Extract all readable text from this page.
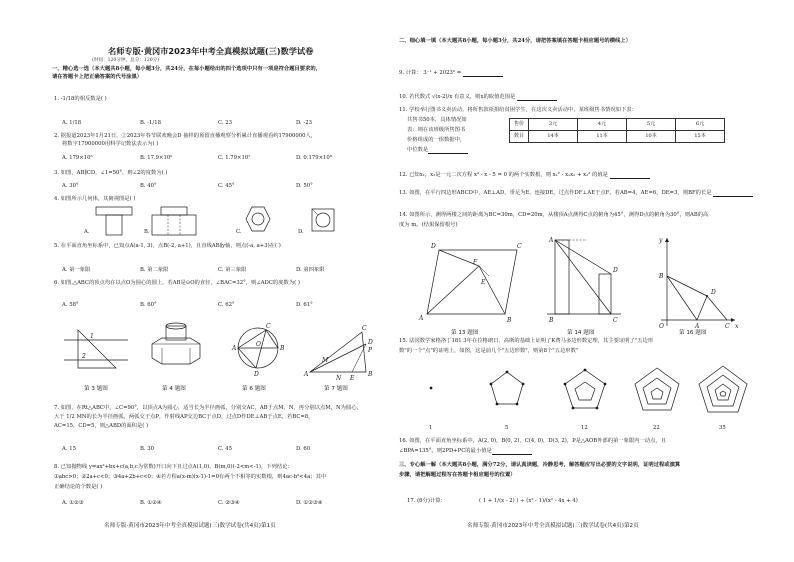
名师专版·黄冈市2023年中考全真模拟试题(三)数学试卷
(时间：120分钟，总分：120分)
一、精心选一选（本大题共8小题，每小题3分，共24分，在每小题给出的四个选项中只有一项是符合题目要求的，
请在答题卡上把正确答案的代号涂黑）
1. -1/18的相反数是( )
A. 1/18	B. -1/18	C. 23	D. -23
2. 据报道2023年1月21日，②2023年春节联欢晚会D 抽样的预留直播观察分析累计直播观看约17900000人,
将数字17900000用科学记数法表示为( )
A. 179×10⁵	B. 17.9×10⁶	C. 1.79×10⁷	D. 0.179×10⁸
3. 如图，AB∥CD，∠1=50°，则∠2的度数为( )
A. 30°	B. 40°	C. 45°	D. 50°
4. 如图所示几何体，其俯视图是( )
A.	B.	C.	D.
5. 在平面直角坐标系中，已知点A(a-1, 3)，点B(-2, a+1)，且直线AB∥y轴，则点(-a, a+3)在( )
A. 第一象限	B. 第二象限	C. 第三象限	D. 第四象限
6. 如图,△ABC的顶点均在以点O为圆心的圆上，若AB是⊙O的直径，∠BAC=32°，则∠ADC的度数为( )
A. 58°	B. 60°	C. 62°	D. 61°
1
2
A	B
C
D
O
A	B
C
D
N E
M
P
第 3 题图	第 4 题图	第 6 题图	第 7 题图
7. 如图，在Rt△ABC中，∠C=90°，以顶点A为圆心，适当长为半径画弧，分别交AC，AB于点M，N，再分别以点M，N为圆心，
大于 1/2 MN的长为半径画弧，两弧交于点P，作射线AP交边BC于点D，过点D作DE⊥AB于点E，若BC=8，
AC=15，CD=5，则△ABD的面积是( )
A. 15	B. 30	C. 45	D. 60
8. 已知抛物线 y=ax²+bx+c(a,b,c为常数)开口向下且过点A(1,0)，B(m,0)(-2<m<-1)，下列结论：
①abc>0；②2a+c<0；③4a+2b+c<0；④若方程a(x-m)(x-1)-1=0有两个不相等的实数根，则4ac-b²<4a；其中
正确结论的个数是( )
A. ①②③	B. ①②④	C. ②③④	D. ①②③④
名师专版·黄冈市2023年中考全真模拟试题(三)数学试卷(共4页)第1页
二、细心填一填（本大题共8小题，每小题3分，共24分，请把答案填在答题卡相应题号的横线上）
9. 计算： 3⁻¹ + 2023⁰ =
10. 若代数式 √(x-2)/x 有意义，则x的取值范围是
11. 学校举行图书义卖活动，将所售款项捐给贫困学生，在这次义卖活动中，某班级售书情况如下表：
共售书50本，具体情况如
表：则在该班级所售图书
价格组成的一组数据中，
中位数是
售价	3元	4元	5元	6元
数目	14本	11本	10本	15本
12. 已知x₁，x₂是一元二次方程 x² - x - 5 = 0 的两个实数根，则 x₁² - x₁x₂ + x₂² 的值是
13. 如图，在平行四边形ABCD中，AE⊥AD，垂足为E，连接DE，过点作DF⊥AE于点F，若AB=4，AE=6，DE=3，则BF的长是
14. 如图所示，测得两楼之间的距离为BC=30m，CD=20m，从楼顶A点测得C点的俯角为45°，测得D点的俯角为30°，则AB的高
度为 m。(结果保留根号)
D	C
A	B
F
E
A
D
B	C
y
x
O
B
A	C
D
第 13 题图	第 14 题图	第 16 题图
15. 法国数学家格洛丁181 3年在拉格朗日、高斯的基础上证明了K费马多边形数定理，其主要证明了"五边形
数"的一个"点"的证明上，如图，这是前几个"五边形数"，则第8个"五边形数"
1	5	12	22	35
16. 如图，在平面直角坐标系中，A(2, 0)，B(0, 2)，C(4, 0)，D(3, 2)，P是△AOB外部的第一象限内一动点，且
∠BPA=135°，则2PD+PC的最小值是
三、专心解一解（本大题共8小题，满分72分，请认真读题，冷静思考，解答题应写出必要的文字说明，证明过程或演算
步骤，请把解题过程写在答题卡相应题号的位置）
17. (6分)计算：	( 1 + 1/(x - 2) ) ÷ (x² - 1)/(x² - 4x + 4)
名师专版·黄冈市2023年中考全真模拟试题(三)数学试卷(共4页)第2页
